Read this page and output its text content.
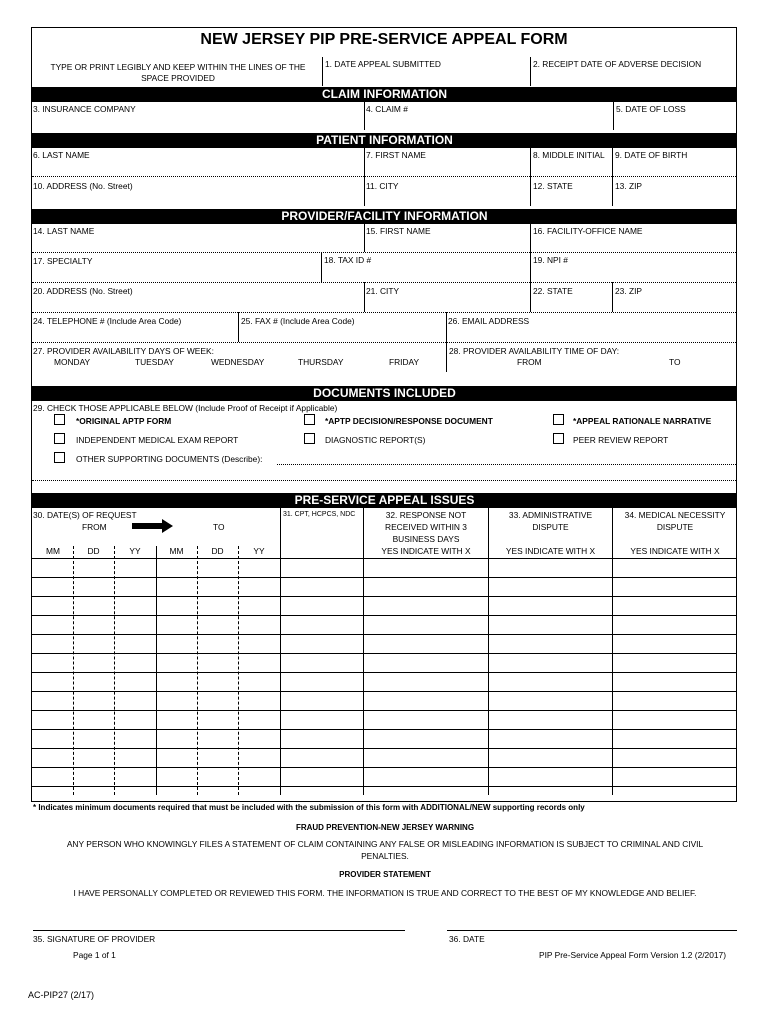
NEW JERSEY PIP PRE-SERVICE APPEAL FORM
TYPE OR PRINT LEGIBLY AND KEEP WITHIN THE LINES OF THE
SPACE PROVIDED
1. DATE APPEAL SUBMITTED	2. RECEIPT DATE OF ADVERSE DECISION
CLAIM INFORMATION
3. INSURANCE COMPANY	4. CLAIM #	5. DATE OF LOSS
PATIENT INFORMATION
6. LAST NAME	7. FIRST NAME	8. MIDDLE INITIAL 9. DATE OF BIRTH
10. ADDRESS (No. Street)	11. CITY	12. STATE	13. ZIP
PROVIDER/FACILITY INFORMATION
14. LAST NAME	15. FIRST NAME	16. FACILITY-OFFICE NAME
17. SPECIALTY	18. TAX ID #	19. NPI #
20. ADDRESS (No. Street)	21. CITY	22. STATE	23. ZIP
24. TELEPHONE # (Include Area Code)	25. FAX # (Include Area Code)	26. EMAIL ADDRESS
27. PROVIDER AVAILABILITY DAYS OF WEEK:
MONDAY	TUESDAY	WEDNESDAY	THURSDAY	FRIDAY
28. PROVIDER AVAILABILITY TIME OF DAY:
FROM	TO
DOCUMENTS INCLUDED
29. CHECK THOSE APPLICABLE BELOW (Include Proof of Receipt if Applicable)
*ORIGINAL APTP FORM	*APTP DECISION/RESPONSE DOCUMENT	*APPEAL RATIONALE NARRATIVE
INDEPENDENT MEDICAL EXAM REPORT	DIAGNOSTIC REPORT(S)	PEER REVIEW REPORT
OTHER SUPPORTING DOCUMENTS (Describe):
PRE-SERVICE APPEAL ISSUES
30. DATE(S) OF REQUEST
FROM	TO
31. CPT, HCPCS, NDC	32. RESPONSE NOT
RECEIVED WITHIN 3
BUSINESS DAYS
YES INDICATE WITH X
33. ADMINISTRATIVE
DISPUTE
YES INDICATE WITH X
34. MEDICAL NECESSITY
DISPUTE
YES INDICATE WITH X
MM	DD	YY	MM	DD	YY
* Indicates minimum documents required that must be included with the submission of this form with ADDITIONAL/NEW supporting records only
FRAUD PREVENTION-NEW JERSEY WARNING
ANY PERSON WHO KNOWINGLY FILES A STATEMENT OF CLAIM CONTAINING ANY FALSE OR MISLEADING INFORMATION IS SUBJECT TO CRIMINAL AND CIVIL
PENALTIES.
PROVIDER STATEMENT
I HAVE PERSONALLY COMPLETED OR REVIEWED THIS FORM. THE INFORMATION IS TRUE AND CORRECT TO THE BEST OF MY KNOWLEDGE AND BELIEF.
35. SIGNATURE OF PROVIDER	36. DATE
Page 1 of 1	PIP Pre-Service Appeal Form Version 1.2 (2/2017)
AC-PIP27 (2/17)
